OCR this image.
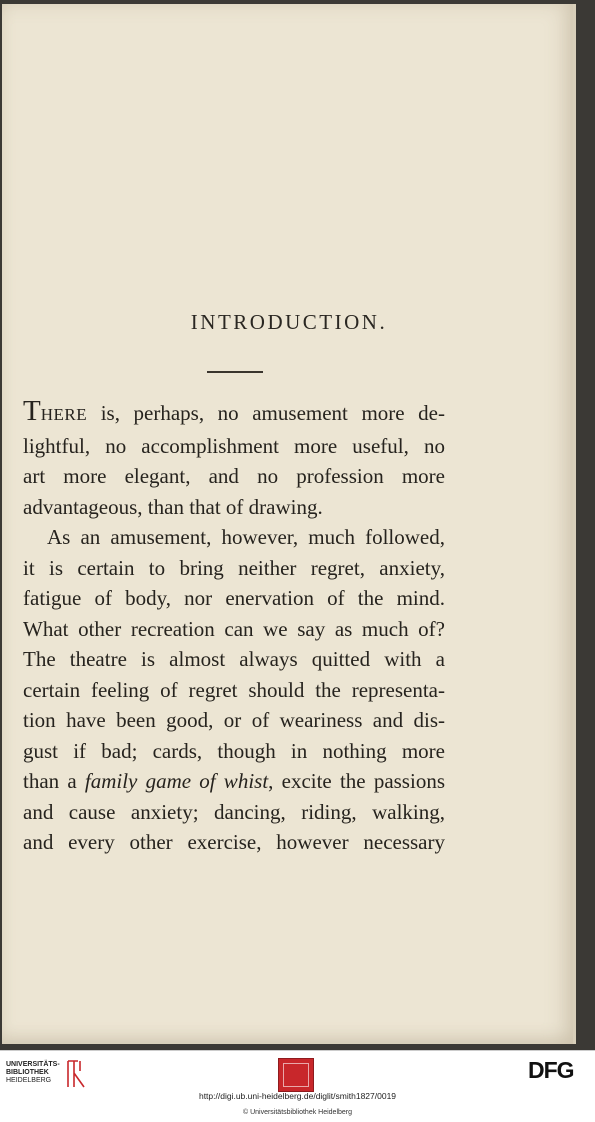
INTRODUCTION.
THERE is, perhaps, no amusement more de-
lightful, no accomplishment more useful, no
art more elegant, and no profession more
advantageous, than that of drawing.
As an amusement, however, much followed,
it is certain to bring neither regret, anxiety,
fatigue of body, nor enervation of the mind.
What other recreation can we say as much of?
The theatre is almost always quitted with a
certain feeling of regret should the representa-
tion have been good, or of weariness and dis-
gust if bad; cards, though in nothing more
than a family game of whist, excite the passions
and cause anxiety; dancing, riding, walking,
and every other exercise, however necessary
UNIVERSITÄTS-
BIBLIOTHEK
HEIDELBERG	DFG
http://digi.ub.uni-heidelberg.de/diglit/smith1827/0019
© Universitätsbibliothek Heidelberg
